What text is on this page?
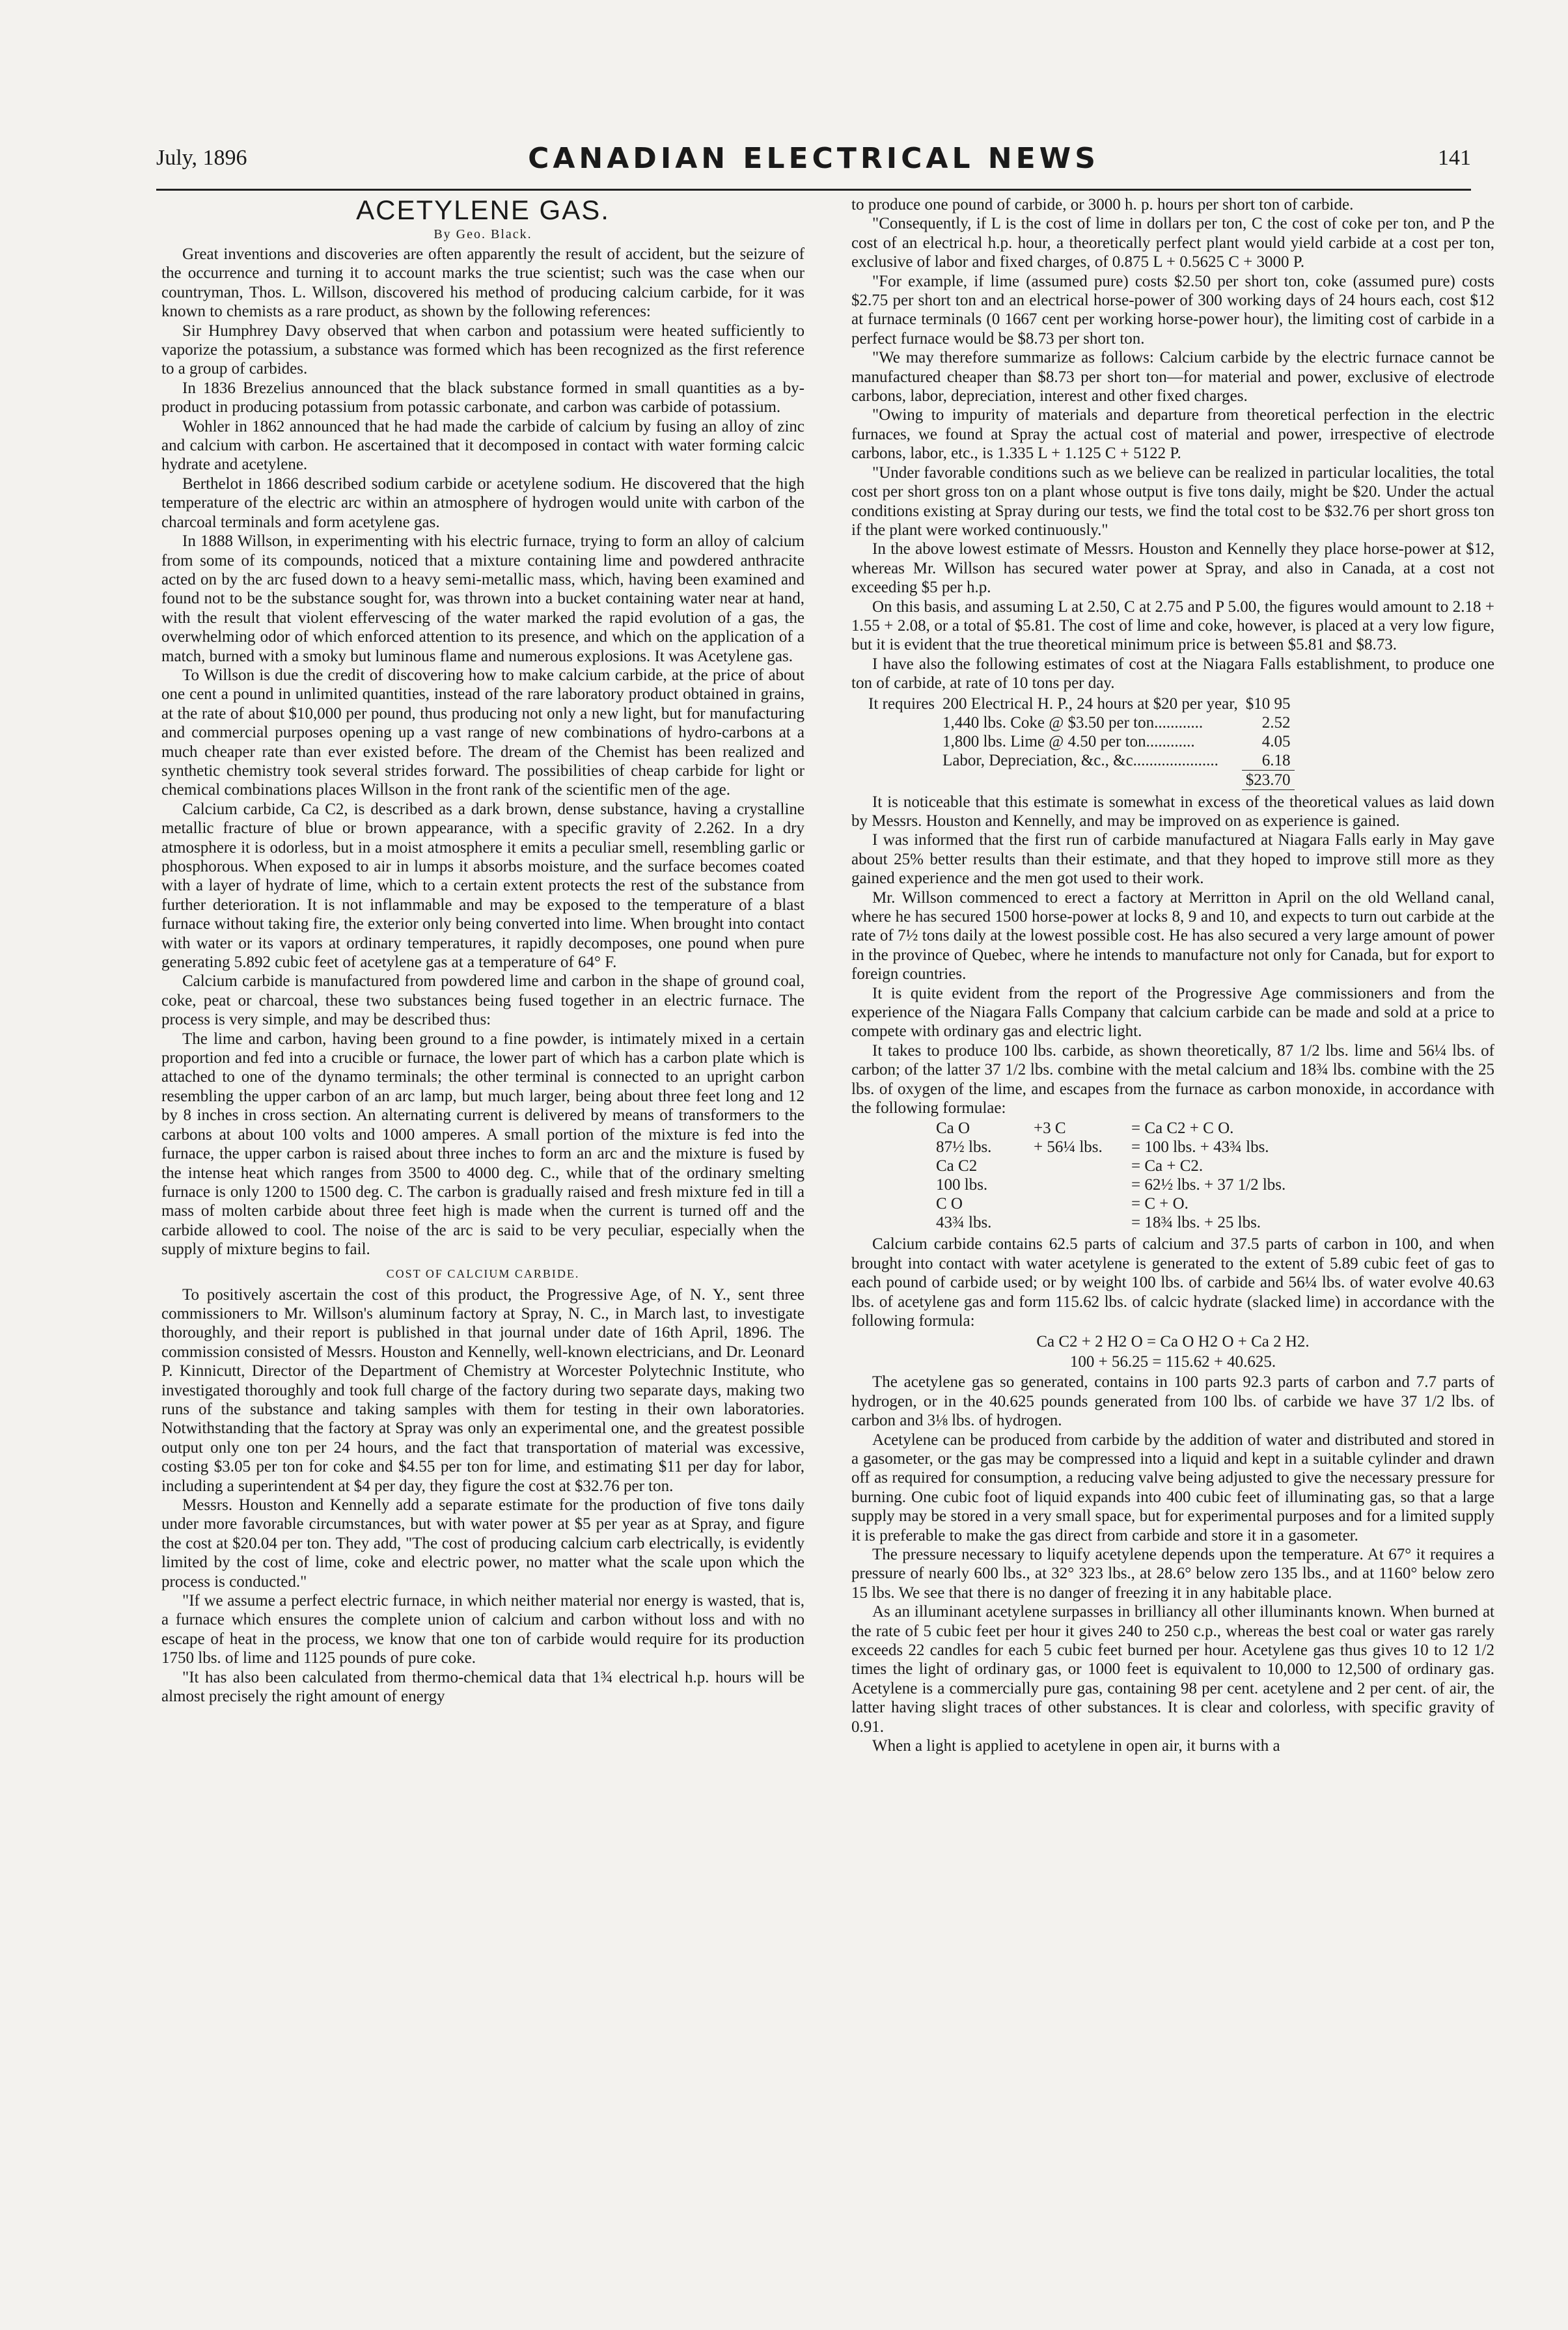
July, 1896	CANADIAN ELECTRICAL NEWS	141
ACETYLENE GAS.
By Geo. Black.

Great inventions and discoveries are often apparently the result of accident, but the seizure of the occurrence and turning it to account marks the true scientist; such was the case when our countryman, Thos. L. Willson, discovered his method of producing calcium carbide, for it was known to chemists as a rare product, as shown by the following references:

Sir Humphrey Davy observed that when carbon and potassium were heated sufficiently to vaporize the potassium, a substance was formed which has been recognized as the first reference to a group of carbides.

In 1836 Brezelius announced that the black substance formed in small quantities as a by-product in producing potassium from potassic carbonate, and carbon was carbide of potassium.

Wohler in 1862 announced that he had made the carbide of calcium by fusing an alloy of zinc and calcium with carbon. He ascertained that it decomposed in contact with water forming calcic hydrate and acetylene.

Berthelot in 1866 described sodium carbide or acetylene sodium. He discovered that the high temperature of the electric arc within an atmosphere of hydrogen would unite with carbon of the charcoal terminals and form acetylene gas.

In 1888 Willson, in experimenting with his electric furnace, trying to form an alloy of calcium from some of its compounds, noticed that a mixture containing lime and powdered anthracite acted on by the arc fused down to a heavy semi-metallic mass, which, having been examined and found not to be the substance sought for, was thrown into a bucket containing water near at hand, with the result that violent effervescing of the water marked the rapid evolution of a gas, the overwhelming odor of which enforced attention to its presence, and which on the application of a match, burned with a smoky but luminous flame and numerous explosions. It was Acetylene gas.

To Willson is due the credit of discovering how to make calcium carbide, at the price of about one cent a pound in unlimited quantities, instead of the rare laboratory product obtained in grains, at the rate of about $10,000 per pound, thus producing not only a new light, but for manufacturing and commercial purposes opening up a vast range of new combinations of hydro-carbons at a much cheaper rate than ever existed before. The dream of the Chemist has been realized and synthetic chemistry took several strides forward. The possibilities of cheap carbide for light or chemical combinations places Willson in the front rank of the scientific men of the age.

Calcium carbide, Ca C2, is described as a dark brown, dense substance, having a crystalline metallic fracture of blue or brown appearance, with a specific gravity of 2.262. In a dry atmosphere it is odorless, but in a moist atmosphere it emits a peculiar smell, resembling garlic or phosphorous. When exposed to air in lumps it absorbs moisture, and the surface becomes coated with a layer of hydrate of lime, which to a certain extent protects the rest of the substance from further deterioration. It is not inflammable and may be exposed to the temperature of a blast furnace without taking fire, the exterior only being converted into lime. When brought into contact with water or its vapors at ordinary temperatures, it rapidly decomposes, one pound when pure generating 5.892 cubic feet of acetylene gas at a temperature of 64° F.

Calcium carbide is manufactured from powdered lime and carbon in the shape of ground coal, coke, peat or charcoal, these two substances being fused together in an electric furnace. The process is very simple, and may be described thus:

The lime and carbon, having been ground to a fine powder, is intimately mixed in a certain proportion and fed into a crucible or furnace, the lower part of which has a carbon plate which is attached to one of the dynamo terminals; the other terminal is connected to an upright carbon resembling the upper carbon of an arc lamp, but much larger, being about three feet long and 12 by 8 inches in cross section. An alternating current is delivered by means of transformers to the carbons at about 100 volts and 1000 amperes. A small portion of the mixture is fed into the furnace, the upper carbon is raised about three inches to form an arc and the mixture is fused by the intense heat which ranges from 3500 to 4000 deg. C., while that of the ordinary smelting furnace is only 1200 to 1500 deg. C. The carbon is gradually raised and fresh mixture fed in till a mass of molten carbide about three feet high is made when the current is turned off and the carbide allowed to cool. The noise of the arc is said to be very peculiar, especially when the supply of mixture begins to fail.

COST OF CALCIUM CARBIDE.

To positively ascertain the cost of this product, the Progressive Age, of N. Y., sent three commissioners to Mr. Willson's aluminum factory at Spray, N. C., in March last, to investigate thoroughly, and their report is published in that journal under date of 16th April, 1896. The commission consisted of Messrs. Houston and Kennelly, well-known electricians, and Dr. Leonard P. Kinnicutt, Director of the Department of Chemistry at Worcester Polytechnic Institute, who investigated thoroughly and took full charge of the factory during two separate days, making two runs of the substance and taking samples with them for testing in their own laboratories. Notwithstanding that the factory at Spray was only an experimental one, and the greatest possible output only one ton per 24 hours, and the fact that transportation of material was excessive, costing $3.05 per ton for coke and $4.55 per ton for lime, and estimating $11 per day for labor, including a superintendent at $4 per day, they figure the cost at $32.76 per ton.

Messrs. Houston and Kennelly add a separate estimate for the production of five tons daily under more favorable circumstances, but with water power at $5 per year as at Spray, and figure the cost at $20.04 per ton. They add, "The cost of producing calcium carb electrically, is evidently limited by the cost of lime, coke and electric power, no matter what the scale upon which the process is conducted."

"If we assume a perfect electric furnace, in which neither material nor energy is wasted, that is, a furnace which ensures the complete union of calcium and carbon without loss and with no escape of heat in the process, we know that one ton of carbide would require for its production 1750 lbs. of lime and 1125 pounds of pure coke.

"It has also been calculated from thermo-chemical data that 1¾ electrical h.p. hours will be almost precisely the right amount of energy

to produce one pound of carbide, or 3000 h. p. hours per short ton of carbide.

"Consequently, if L is the cost of lime in dollars per ton, C the cost of coke per ton, and P the cost of an electrical h.p. hour, a theoretically perfect plant would yield carbide at a cost per ton, exclusive of labor and fixed charges, of 0.875 L + 0.5625 C + 3000 P.

"For example, if lime (assumed pure) costs $2.50 per short ton, coke (assumed pure) costs $2.75 per short ton and an electrical horse-power of 300 working days of 24 hours each, cost $12 at furnace terminals (0 1667 cent per working horse-power hour), the limiting cost of carbide in a perfect furnace would be $8.73 per short ton.

"We may therefore summarize as follows: Calcium carbide by the electric furnace cannot be manufactured cheaper than $8.73 per short ton—for material and power, exclusive of electrode carbons, labor, depreciation, interest and other fixed charges.

"Owing to impurity of materials and departure from theoretical perfection in the electric furnaces, we found at Spray the actual cost of material and power, irrespective of electrode carbons, labor, etc., is 1.335 L + 1.125 C + 5122 P.

"Under favorable conditions such as we believe can be realized in particular localities, the total cost per short gross ton on a plant whose output is five tons daily, might be $20. Under the actual conditions existing at Spray during our tests, we find the total cost to be $32.76 per short gross ton if the plant were worked continuously."

In the above lowest estimate of Messrs. Houston and Kennelly they place horse-power at $12, whereas Mr. Willson has secured water power at Spray, and also in Canada, at a cost not exceeding $5 per h.p.

On this basis, and assuming L at 2.50, C at 2.75 and P 5.00, the figures would amount to 2.18 + 1.55 + 2.08, or a total of $5.81. The cost of lime and coke, however, is placed at a very low figure, but it is evident that the true theoretical minimum price is between $5.81 and $8.73.

I have also the following estimates of cost at the Niagara Falls establishment, to produce one ton of carbide, at rate of 10 tons per day.

It requires	200 Electrical H. P., 24 hours at $20 per year,	$10 95
	1,440 lbs. Coke @ $3.50 per ton............	2.52
	1,800 lbs. Lime @ 4.50 per ton............	4.05
	Labor, Depreciation, &c., &c.....................	6.18
		$23.70

It is noticeable that this estimate is somewhat in excess of the theoretical values as laid down by Messrs. Houston and Kennelly, and may be improved on as experience is gained.

I was informed that the first run of carbide manufactured at Niagara Falls early in May gave about 25% better results than their estimate, and that they hoped to improve still more as they gained experience and the men got used to their work.

Mr. Willson commenced to erect a factory at Merritton in April on the old Welland canal, where he has secured 1500 horse-power at locks 8, 9 and 10, and expects to turn out carbide at the rate of 7½ tons daily at the lowest possible cost. He has also secured a very large amount of power in the province of Quebec, where he intends to manufacture not only for Canada, but for export to foreign countries.

It is quite evident from the report of the Progressive Age commissioners and from the experience of the Niagara Falls Company that calcium carbide can be made and sold at a price to compete with ordinary gas and electric light.

It takes to produce 100 lbs. carbide, as shown theoretically, 87 1/2 lbs. lime and 56¼ lbs. of carbon; of the latter 37 1/2 lbs. combine with the metal calcium and 18¾ lbs. combine with the 25 lbs. of oxygen of the lime, and escapes from the furnace as carbon monoxide, in accordance with the following formulae:

Ca O	+3 C	= Ca C2 + C O.
87½ lbs.	+ 56¼ lbs.	= 100 lbs. + 43¾ lbs.
Ca C2	= Ca + C2.
100 lbs.	= 62½ lbs. + 37 1/2 lbs.
C O	= C + O.
43¾ lbs.	= 18¾ lbs. + 25 lbs.

Calcium carbide contains 62.5 parts of calcium and 37.5 parts of carbon in 100, and when brought into contact with water acetylene is generated to the extent of 5.89 cubic feet of gas to each pound of carbide used; or by weight 100 lbs. of carbide and 56¼ lbs. of water evolve 40.63 lbs. of acetylene gas and form 115.62 lbs. of calcic hydrate (slacked lime) in accordance with the following formula:

Ca C2 + 2 H2 O = Ca O H2 O + Ca 2 H2.
100 + 56.25 = 115.62 + 40.625.

The acetylene gas so generated, contains in 100 parts 92.3 parts of carbon and 7.7 parts of hydrogen, or in the 40.625 pounds generated from 100 lbs. of carbide we have 37 1/2 lbs. of carbon and 3⅛ lbs. of hydrogen.

Acetylene can be produced from carbide by the addition of water and distributed and stored in a gasometer, or the gas may be compressed into a liquid and kept in a suitable cylinder and drawn off as required for consumption, a reducing valve being adjusted to give the necessary pressure for burning. One cubic foot of liquid expands into 400 cubic feet of illuminating gas, so that a large supply may be stored in a very small space, but for experimental purposes and for a limited supply it is preferable to make the gas direct from carbide and store it in a gasometer.

The pressure necessary to liquify acetylene depends upon the temperature. At 67° it requires a pressure of nearly 600 lbs., at 32° 323 lbs., at 28.6° below zero 135 lbs., and at 1160° below zero 15 lbs. We see that there is no danger of freezing it in any habitable place.

As an illuminant acetylene surpasses in brilliancy all other illuminants known. When burned at the rate of 5 cubic feet per hour it gives 240 to 250 c.p., whereas the best coal or water gas rarely exceeds 22 candles for each 5 cubic feet burned per hour. Acetylene gas thus gives 10 to 12 1/2 times the light of ordinary gas, or 1000 feet is equivalent to 10,000 to 12,500 of ordinary gas. Acetylene is a commercially pure gas, containing 98 per cent. acetylene and 2 per cent. of air, the latter having slight traces of other substances. It is clear and colorless, with specific gravity of 0.91.

When a light is applied to acetylene in open air, it burns with a
